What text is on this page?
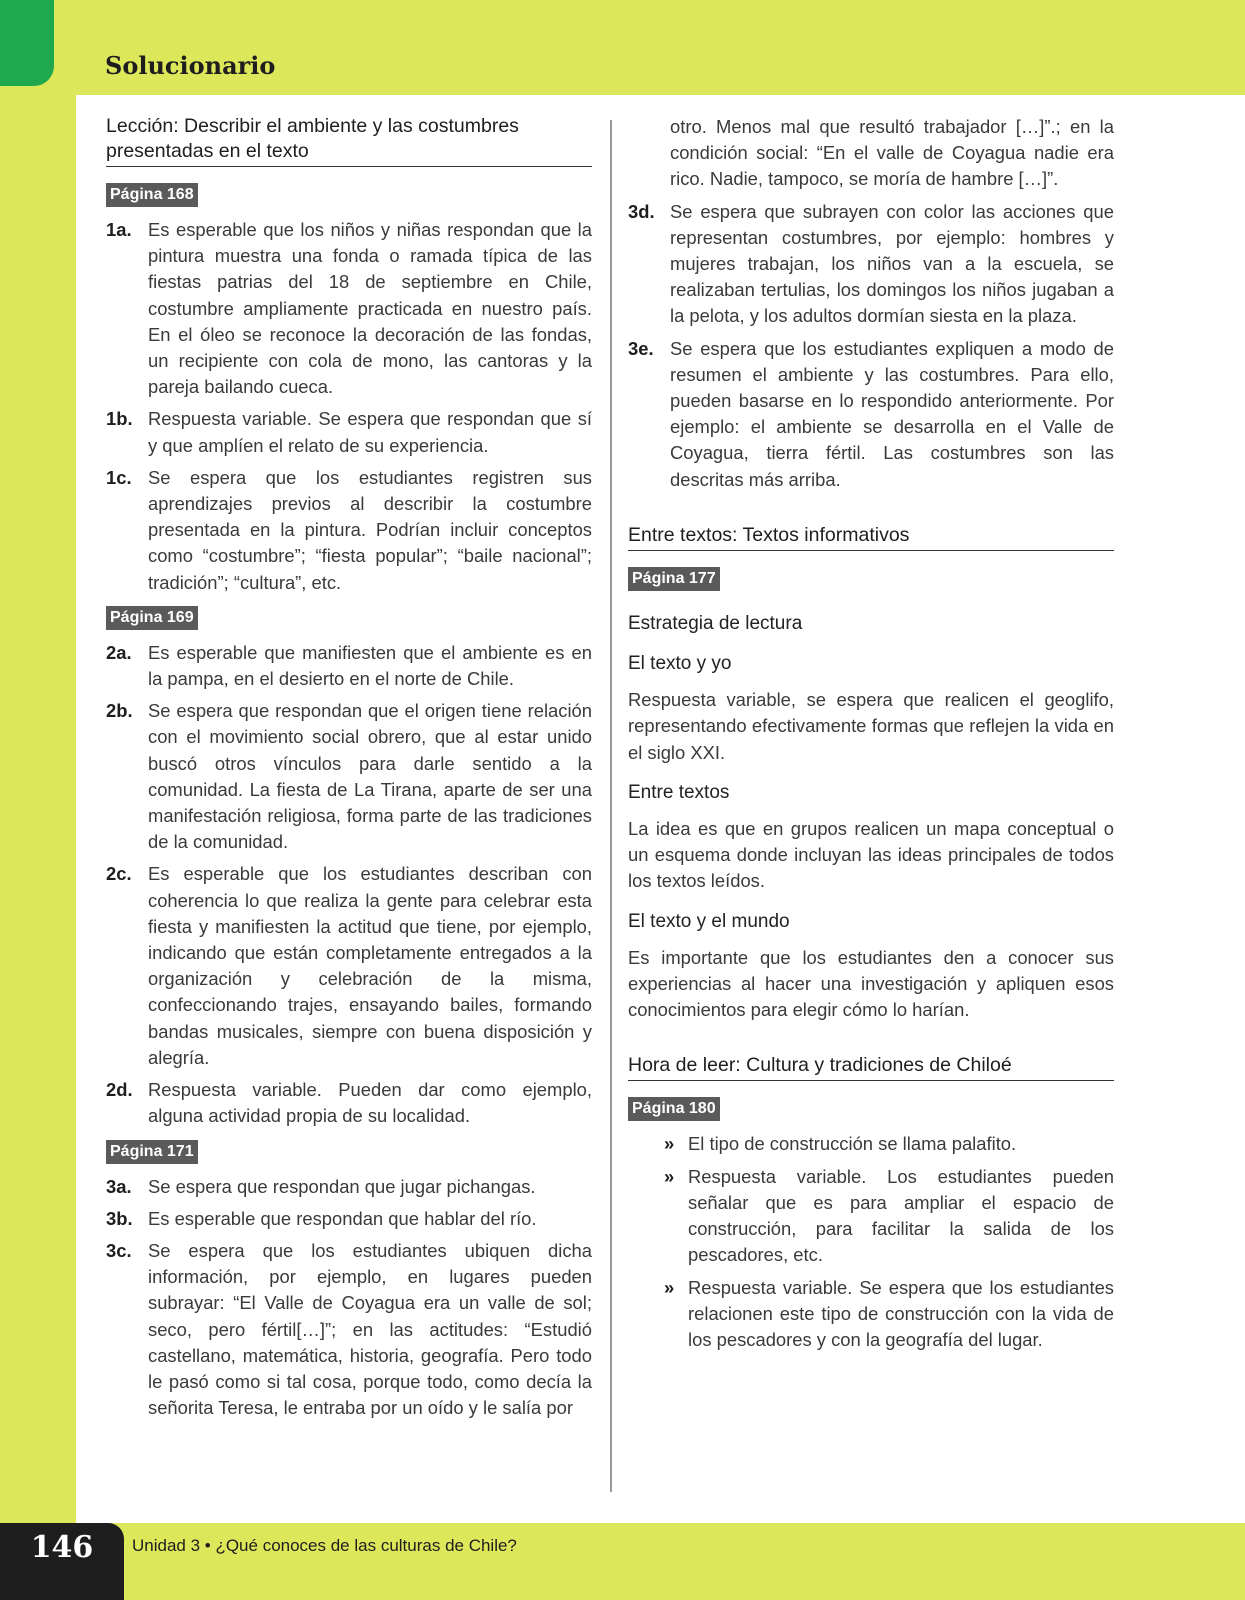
Solucionario
Lección: Describir el ambiente y las costumbres presentadas en el texto
Página 168
1a. Es esperable que los niños y niñas respondan que la pintura muestra una fonda o ramada típica de las fiestas patrias del 18 de septiembre en Chile, costumbre ampliamente practicada en nuestro país. En el óleo se reconoce la decoración de las fondas, un recipiente con cola de mono, las cantoras y la pareja bailando cueca.
1b. Respuesta variable. Se espera que respondan que sí y que amplíen el relato de su experiencia.
1c. Se espera que los estudiantes registren sus aprendizajes previos al describir la costumbre presentada en la pintura. Podrían incluir conceptos como “costumbre”; “fiesta popular”; “baile nacional”; tradición”; “cultura”, etc.
Página 169
2a. Es esperable que manifiesten que el ambiente es en la pampa, en el desierto en el norte de Chile.
2b. Se espera que respondan que el origen tiene relación con el movimiento social obrero, que al estar unido buscó otros vínculos para darle sentido a la comunidad. La fiesta de La Tirana, aparte de ser una manifestación religiosa, forma parte de las tradiciones de la comunidad.
2c. Es esperable que los estudiantes describan con coherencia lo que realiza la gente para celebrar esta fiesta y manifiesten la actitud que tiene, por ejemplo, indicando que están completamente entregados a la organización y celebración de la misma, confeccionando trajes, ensayando bailes, formando bandas musicales, siempre con buena disposición y alegría.
2d. Respuesta variable. Pueden dar como ejemplo, alguna actividad propia de su localidad.
Página 171
3a. Se espera que respondan que jugar pichangas.
3b. Es esperable que respondan que hablar del río.
3c. Se espera que los estudiantes ubiquen dicha información, por ejemplo, en lugares pueden subrayar: “El Valle de Coyagua era un valle de sol; seco, pero fértil[…]”; en las actitudes: “Estudió castellano, matemática, historia, geografía. Pero todo le pasó como si tal cosa, porque todo, como decía la señorita Teresa, le entraba por un oído y le salía por
otro. Menos mal que resultó trabajador […]”.; en la condición social: “En el valle de Coyagua nadie era rico. Nadie, tampoco, se moría de hambre […]”.
3d. Se espera que subrayen con color las acciones que representan costumbres, por ejemplo: hombres y mujeres trabajan, los niños van a la escuela, se realizaban tertulias, los domingos los niños jugaban a la pelota, y los adultos dormían siesta en la plaza.
3e. Se espera que los estudiantes expliquen a modo de resumen el ambiente y las costumbres. Para ello, pueden basarse en lo respondido anteriormente. Por ejemplo: el ambiente se desarrolla en el Valle de Coyagua, tierra fértil. Las costumbres son las descritas más arriba.
Entre textos: Textos informativos
Página 177
Estrategia de lectura
El texto y yo
Respuesta variable, se espera que realicen el geoglifo, representando efectivamente formas que reflejen la vida en el siglo XXI.
Entre textos
La idea es que en grupos realicen un mapa conceptual o un esquema donde incluyan las ideas principales de todos los textos leídos.
El texto y el mundo
Es importante que los estudiantes den a conocer sus experiencias al hacer una investigación y apliquen esos conocimientos para elegir cómo lo harían.
Hora de leer: Cultura y tradiciones de Chiloé
Página 180
» El tipo de construcción se llama palafito.
» Respuesta variable. Los estudiantes pueden señalar que es para ampliar el espacio de construcción, para facilitar la salida de los pescadores, etc.
» Respuesta variable. Se espera que los estudiantes relacionen este tipo de construcción con la vida de los pescadores y con la geografía del lugar.
146	Unidad 3 • ¿Qué conoces de las culturas de Chile?
